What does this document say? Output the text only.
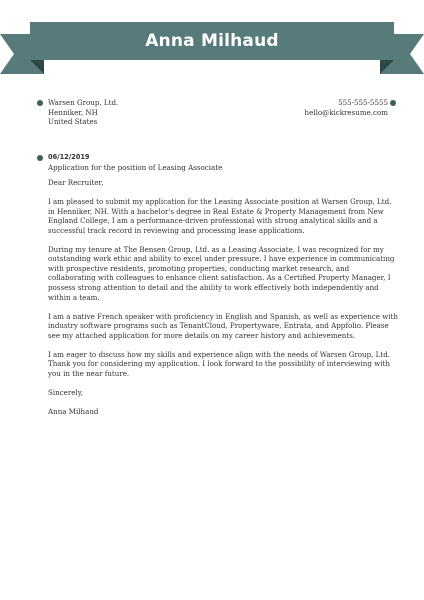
Anna Milhaud
Warsen Group, Ltd.
Henniker, NH
United States
555-555-5555
hello@kickresume.com
06/12/2019
Application for the position of Leasing Associate
Dear Recruiter,
I am pleased to submit my application for the Leasing Associate position at Warsen Group, Ltd. in Henniker, NH. With a bachelor's degree in Real Estate & Property Management from New England College, I am a performance-driven professional with strong analytical skills and a successful track record in reviewing and processing lease applications.
During my tenure at The Bensen Group, Ltd. as a Leasing Associate, I was recognized for my outstanding work ethic and ability to excel under pressure. I have experience in communicating with prospective residents, promoting properties, conducting market research, and collaborating with colleagues to enhance client satisfaction. As a Certified Property Manager, I possess strong attention to detail and the ability to work effectively both independently and within a team.
I am a native French speaker with proficiency in English and Spanish, as well as experience with industry software programs such as TenantCloud, Propertyware, Entrata, and Appfolio. Please see my attached application for more details on my career history and achievements.
I am eager to discuss how my skills and experience align with the needs of Warsen Group, Ltd. Thank you for considering my application. I look forward to the possibility of interviewing with you in the near future.
Sincerely,
Anna Milhaud
